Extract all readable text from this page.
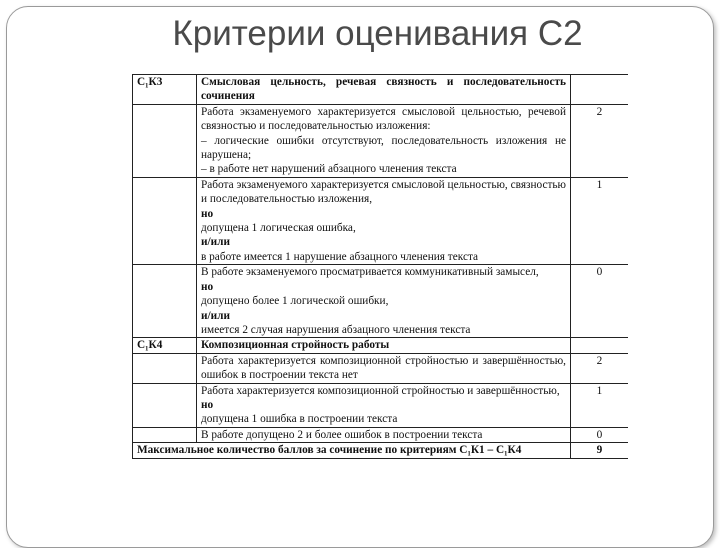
Критерии оценивания С2
С₁К3	Смысловая цельность, речевая связность и последовательность сочинения	

	Работа экзаменуемого характеризуется смысловой цельностью, речевой связностью и последовательностью изложения:
– логические ошибки отсутствуют, последовательность изложения не нарушена;
– в работе нет нарушений абзацного членения текста	2

	Работа экзаменуемого характеризуется смысловой цельностью, связностью и последовательностью изложения,
но
допущена 1 логическая ошибка,
и/или
в работе имеется 1 нарушение абзацного членения текста	1

	В работе экзаменуемого просматривается коммуникативный замысел,
но
допущено более 1 логической ошибки,
и/или
имеется 2 случая нарушения абзацного членения текста	0
С₁К4	Композиционная стройность работы	

	Работа характеризуется композиционной стройностью и завершённостью, ошибок в построении текста нет	2

	Работа характеризуется композиционной стройностью и завершённостью,
но
допущена 1 ошибка в построении текста	1

	В работе допущено 2 и более ошибок в построении текста	0
Максимальное количество баллов за сочинение по критериям С₁К1 – С₁К4		9
